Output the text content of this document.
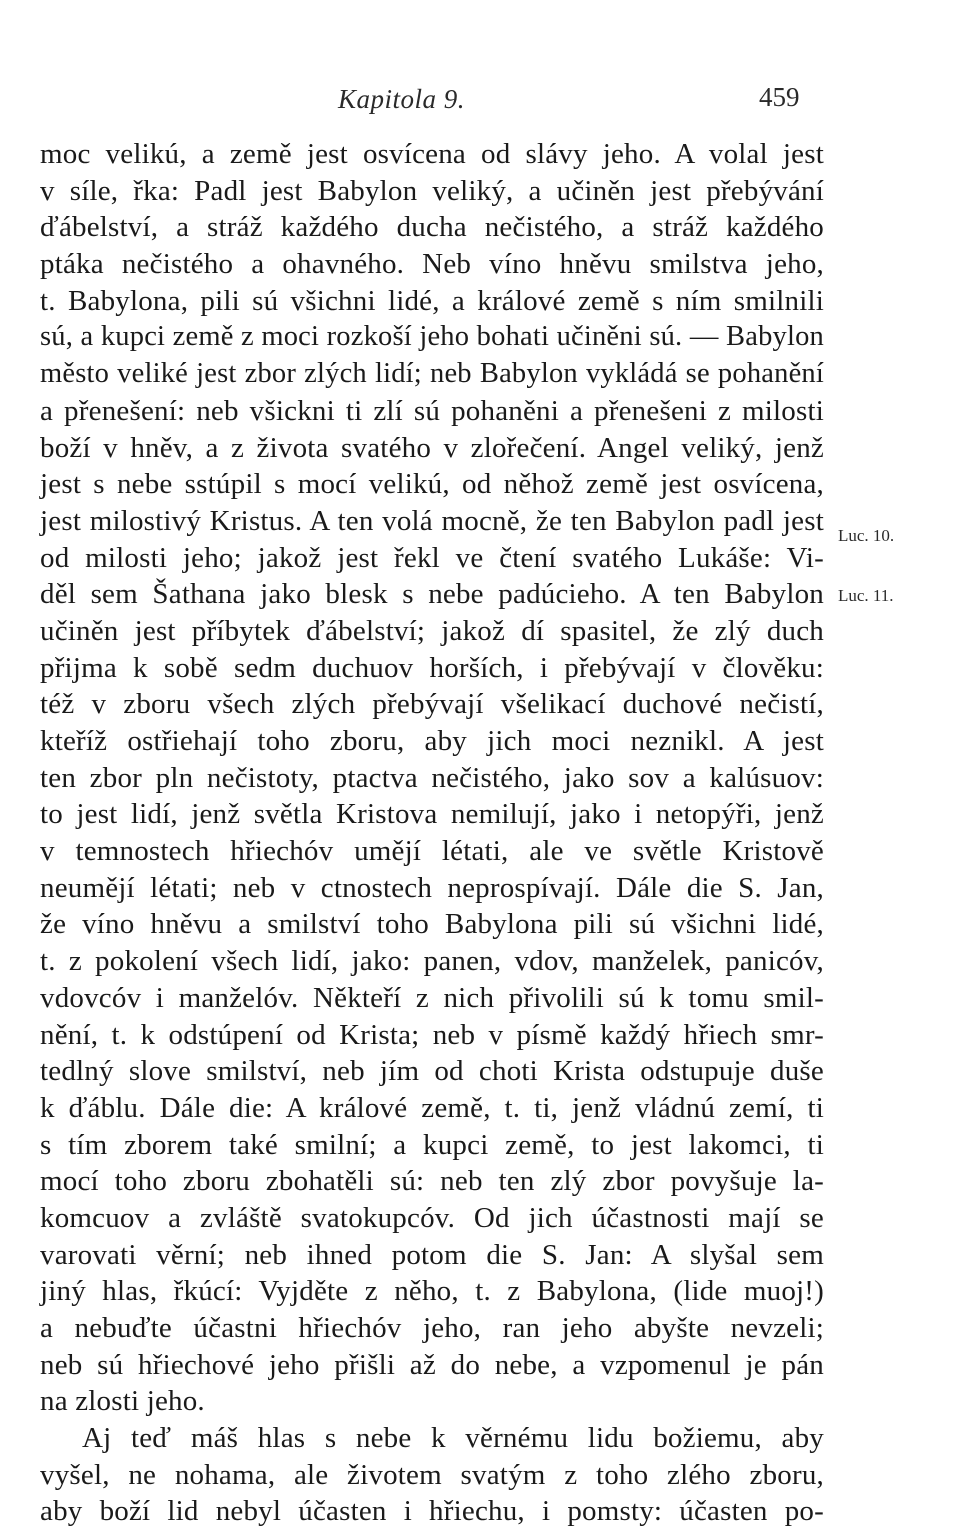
Kapitola 9.	459
moc velikú, a země jest osvícena od slávy jeho. A volal jest
v síle, řka: Padl jest Babylon veliký, a učiněn jest přebývání
ďábelství, a stráž každého ducha nečistého, a stráž každého
ptáka nečistého a ohavného. Neb víno hněvu smilstva jeho,
t. Babylona, pili sú všichni lidé, a králové země s ním smilnili
sú, a kupci země z moci rozkoší jeho bohati učiněni sú. — Babylon
město veliké jest zbor zlých lidí; neb Babylon vykládá se pohanění
a přenešení: neb všickni ti zlí sú pohaněni a přenešeni z milosti
boží v hněv, a z života svatého v zlořečení. Angel veliký, jenž
jest s nebe sstúpil s mocí velikú, od něhož země jest osvícena,
jest milostivý Kristus. A ten volá mocně, že ten Babylon padl jest
od milosti jeho; jakož jest řekl ve čtení svatého Lukáše: Vi-
děl sem Šathana jako blesk s nebe padúcieho. A ten Babylon
učiněn jest příbytek ďábelství; jakož dí spasitel, že zlý duch
přijma k sobě sedm duchuov horších, i přebývají v člověku:
též v zboru všech zlých přebývají všelikací duchové nečistí,
kteříž ostřiehají toho zboru, aby jich moci neznikl. A jest
ten zbor pln nečistoty, ptactva nečistého, jako sov a kalúsuov:
to jest lidí, jenž světla Kristova nemilují, jako i netopýři, jenž
v temnostech hřiechóv umějí létati, ale ve světle Kristově
neumějí létati; neb v ctnostech neprospívají. Dále die S. Jan,
že víno hněvu a smilství toho Babylona pili sú všichni lidé,
t. z pokolení všech lidí, jako: panen, vdov, manželek, panicóv,
vdovcóv i manželóv. Někteří z nich přivolili sú k tomu smil-
nění, t. k odstúpení od Krista; neb v písmě každý hřiech smr-
tedlný slove smilství, neb jím od choti Krista odstupuje duše
k ďáblu. Dále die: A králové země, t. ti, jenž vládnú zemí, ti
s tím zborem také smilní; a kupci země, to jest lakomci, ti
mocí toho zboru zbohatěli sú: neb ten zlý zbor povyšuje la-
komcuov a zvláště svatokupcóv. Od jich účastnosti mají se
varovati věrní; neb ihned potom die S. Jan: A slyšal sem
jiný hlas, řkúcí: Vyjděte z něho, t. z Babylona, (lide muoj!)
a nebuďte účastni hřiechóv jeho, ran jeho abyšte nevzeli;
neb sú hřiechové jeho přišli až do nebe, a vzpomenul je pán
na zlosti jeho.
Aj teď máš hlas s nebe k věrnému lidu božiemu, aby
vyšel, ne nohama, ale životem svatým z toho zlého zboru,
aby boží lid nebyl účasten i hřiechu, i pomsty: účasten po-
Luc. 10.
Luc. 11.
